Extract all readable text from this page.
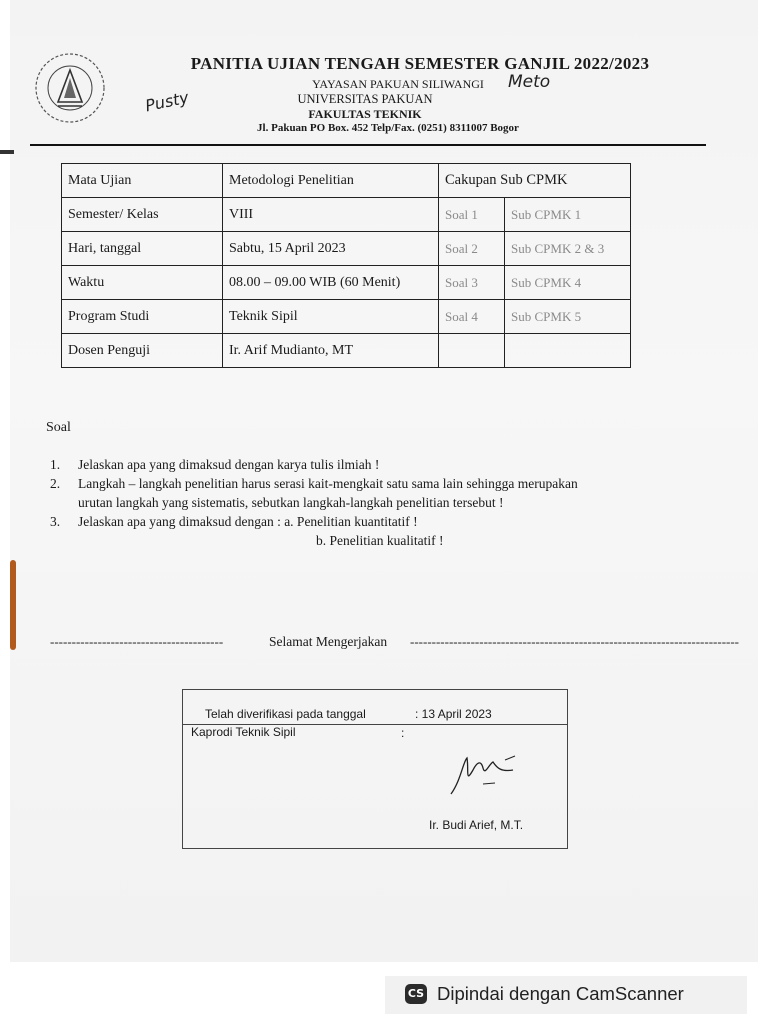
Pusty
Meto
PANITIA UJIAN TENGAH SEMESTER GANJIL 2022/2023
YAYASAN PAKUAN SILIWANGI
UNIVERSITAS PAKUAN
FAKULTAS TEKNIK
Jl. Pakuan PO Box. 452 Telp/Fax. (0251) 8311007 Bogor
Mata Ujian	Metodologi Penelitian	Cakupan Sub CPMK	
Semester/ Kelas	VIII	Soal 1	Sub CPMK 1
Hari, tanggal	Sabtu, 15 April 2023	Soal 2	Sub CPMK 2 & 3
Waktu	08.00 – 09.00 WIB (60 Menit)	Soal 3	Sub CPMK 4
Program Studi	Teknik Sipil	Soal 4	Sub CPMK 5
Dosen Penguji	Ir. Arif Mudianto, MT		
Soal
1. Jelaskan apa yang dimaksud dengan karya tulis ilmiah !
2. Langkah – langkah penelitian harus serasi kait-mengkait satu sama lain sehingga merupakan
urutan langkah yang sistematis, sebutkan langkah-langkah penelitian tersebut !
3. Jelaskan apa yang dimaksud dengan : a. Penelitian kuantitatif !
b. Penelitian kualitatif !
----------------------------------------	Selamat Mengerjakan ----------------------------------------------------------------------------
Telah diverifikasi pada tanggal	: 13 April 2023
Kaprodi Teknik Sipil	:
Ir. Budi Arief, M.T.
CS Dipindai dengan CamScanner
